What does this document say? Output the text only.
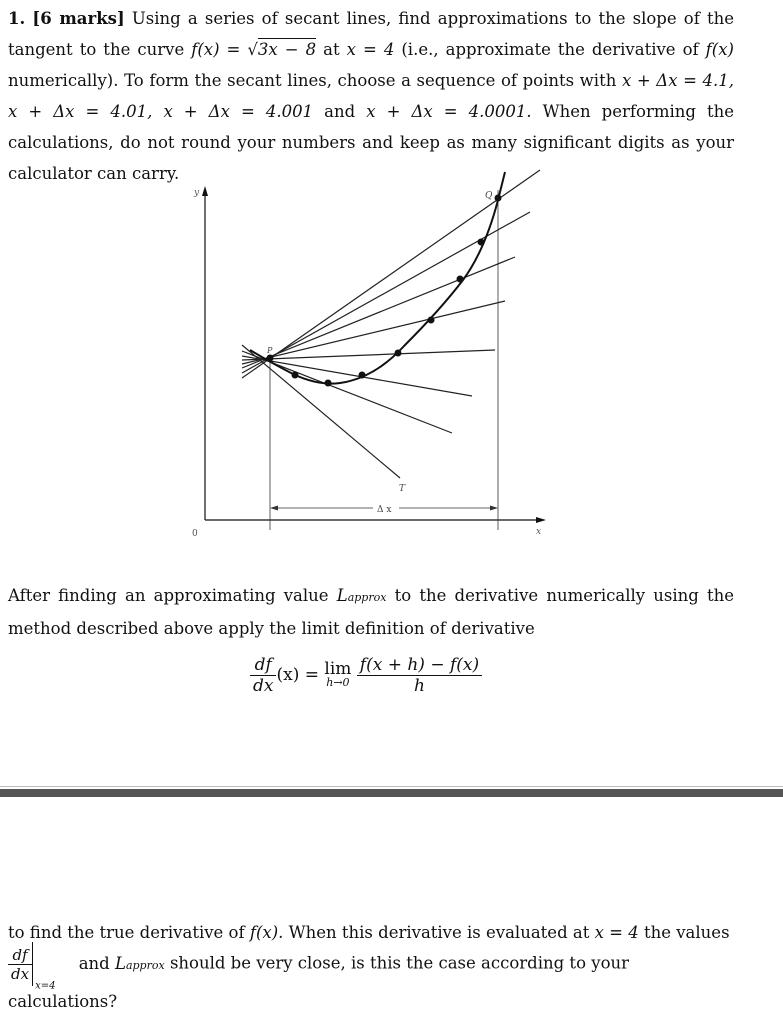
1. [6 marks] Using a series of secant lines, find approximations to the slope of the tangent to the curve f(x) = √3x − 8 at x = 4 (i.e., approximate the derivative of f(x) numerically). To form the secant lines, choose a sequence of points with x + Δx = 4.1, x + Δx = 4.01, x + Δx = 4.001 and x + Δx = 4.0001. When performing the calculations, do not round your numbers and keep as many significant digits as your calculator can carry.
y
x
0
Δ x
P
Q
T
After finding an approximating value Lapprox to the derivative numerically using the method described above apply the limit definition of derivative
$\frac{df}{dx} (x) = \lim$
h→0
$\frac{f(x + h) - f(x)}{h}$
to find the true derivative of f(x). When this derivative is evaluated at x = 4 the values
$\frac{df}{dx}$
$_{x=4}$ and Lapprox should be very close, is this the case according to your calculations?
